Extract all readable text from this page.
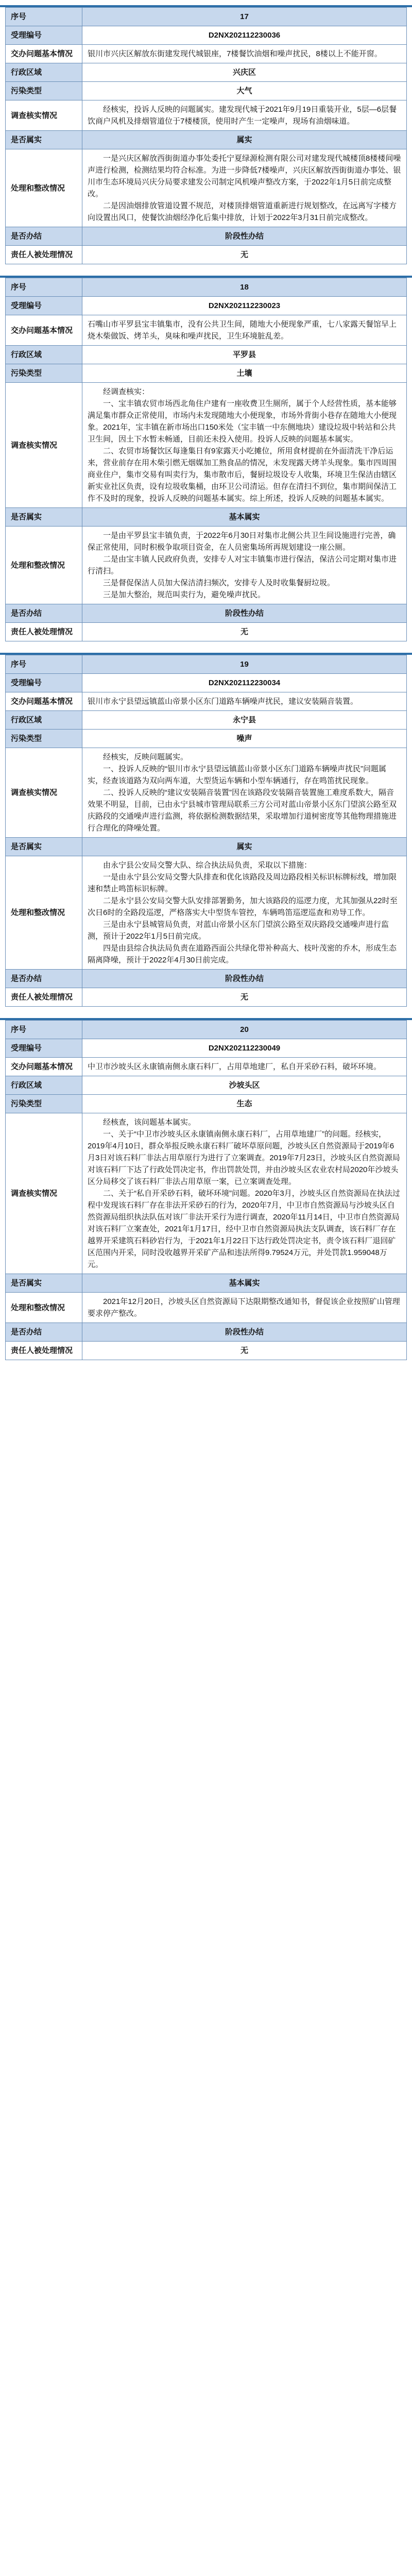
序号	17
受理编号	D2NX202112230036
交办问题基本情况	银川市兴庆区解放东街建发现代城银座，7楼餐饮油烟和噪声扰民，8楼以上不能开窗。

行政区域	兴庆区
污染类型	大气
调查核实情况	经核实，投诉人反映的问题属实。建发现代城于2021年9月19日重装开业，5层—6层餐饮商户风机及排烟管道位于7楼楼顶，使用时产生一定噪声，现场有油烟味道。

是否属实	属实
处理和整改情况	一是兴庆区解放西街街道办事处委托宁夏绿源检测有限公司对建发现代城楼顶8楼楼间噪声进行检测，检测结果均符合标准。为进一步降低7楼噪声，兴庆区解放西街街道办事处、银川市生态环境局兴庆分局要求建发公司制定风机噪声整改方案，于2022年1月5日前完成整改。

二是因油烟排放管道设置不规范，对楼顶排烟管道重新进行规划整改，在远离写字楼方向设置出风口，使餐饮油烟经净化后集中排放，计划于2022年3月31日前完成整改。

是否办结	阶段性办结
责任人被处理情况	无
序号	18
受理编号	D2NX202112230023
交办问题基本情况	石嘴山市平罗县宝丰镇集市，没有公共卫生间，随地大小便现象严重，七八家露天餐馆早上烧木柴做饭、烤羊头，臭味和噪声扰民，卫生环境脏乱差。

行政区域	平罗县
污染类型	土壤
调查核实情况	经调查核实：

一、宝丰镇农贸市场西北角住户建有一座收费卫生厕所，属于个人经营性质，基本能够满足集市群众正常使用，市场内未发现随地大小便现象，市场外背街小巷存在随地大小便现象。2021年，宝丰镇在新市场出口150米处（宝丰镇一中东侧地块）建设垃圾中转站和公共卫生间，因土下水暂未畅通，目前还未投入使用。投诉人反映的问题基本属实。

二、农贸市场餐饮区每逢集日有9家露天小吃摊位，所用食材提前在外面清洗干净后运来，营业前存在用木柴引燃无烟媒加工熟食品的情况，未发现露天烤羊头现象。集市四周围商业住户，集市交易有叫卖行为，集市散市后，餐厨垃圾设专人收集，环境卫生保洁由辖区新实业社区负责，设有垃圾收集桶，由环卫公司清运。但存在清扫不到位，集市期间保洁工作不及时的现象，投诉人反映的问题基本属实。综上所述，投诉人反映的问题基本属实。

是否属实	基本属实
处理和整改情况	一是由平罗县宝丰镇负责，于2022年6月30日对集市北侧公共卫生间设施进行完善，确保正常使用，同时积极争取项目资金，在人员密集场所再规划建设一座公厕。

二是由宝丰镇人民政府负责，安排专人对宝丰镇集市进行保洁，保洁公司定期对集市进行清扫。

三是督促保洁人员加大保洁清扫频次，安排专人及时收集餐厨垃圾。

三是加大整治，规范叫卖行为，避免噪声扰民。

是否办结	阶段性办结
责任人被处理情况	无
序号	19
受理编号	D2NX202112230034
交办问题基本情况	银川市永宁县望远镇蓝山帝景小区东门道路车辆噪声扰民，建议安装隔音装置。

行政区域	永宁县
污染类型	噪声
调查核实情况	经核实，反映问题属实。

一、投诉人反映的“银川市永宁县望远镇蓝山帝景小区东门道路车辆噪声扰民”问题属实，经查该道路为双向两车道，大型货运车辆和小型车辆通行，存在鸣笛扰民现象。

二、投诉人反映的“建议安装隔音装置”因在该路段安装隔音装置施工难度系数大，隔音效果不明显，目前，已由永宁县城市管理局联系三方公司对蓝山帝景小区东门望滨公路至双庆路段的交通噪声进行监测，将依据检测数据结果，采取增加行道树密度等其他物理措施进行合理化的降噪处置。

是否属实	属实
处理和整改情况	由永宁县公安局交警大队、综合执法局负责，采取以下措施：

一是由永宁县公安局交警大队排查和优化该路段及周边路段相关标识标牌标线，增加限速和禁止鸣笛标识标牌。

二是永宁县公安局交警大队安排部署勤务，加大该路段的巡逻力度，尤其加强从22时至次日6时的全路段巡逻，严格落实大中型货车管控，车辆鸣笛巡逻巡查和劝导工作。

三是由永宁县城管局负责，对蓝山帝景小区东门望滨公路至双庆路段交通噪声进行监测，预计于2022年1月5日前完成。

四是由县综合执法局负责在道路西面公共绿化带补种高大、枝叶茂密的乔木，形成生态隔离降噪，预计于2022年4月30日前完成。

是否办结	阶段性办结
责任人被处理情况	无
序号	20
受理编号	D2NX202112230049
交办问题基本情况	中卫市沙坡头区永康镇南侧永康石料厂，占用草地建厂，私自开采砂石料，破坏环境。

行政区域	沙坡头区
污染类型	生态
调查核实情况	经核查，该问题基本属实。

一、关于“中卫市沙坡头区永康镇南侧永康石料厂，占用草地建厂”的问题。经核实，2019年4月10日，群众举报反映永康石料厂破坏草原问题，沙坡头区自然资源局于2019年6月3日对该石料厂非法占用草原行为进行了立案调查。2019年7月23日，沙坡头区自然资源局对该石料厂下达了行政处罚决定书，作出罚款处罚，并由沙坡头区农业农村局2020年沙坡头区分局移交了该石料厂非法占用草原一案，已立案调查处理。

二、关于“私自开采砂石料，破坏环境”问题。2020年3月，沙坡头区自然资源局在执法过程中发现该石料厂存在非法开采砂石的行为，2020年7月，中卫市自然资源局与沙坡头区自然资源局组织执法队伍对该厂非法开采行为进行调查，2020年11月14日，中卫市自然资源局对该石料厂立案查处，2021年1月17日，经中卫市自然资源局执法支队调查，该石料厂存在越界开采建筑石料砂岩行为，于2021年1月22日下达行政处罚决定书，责令该石料厂退回矿区范围内开采，同时没收越界开采矿产品和违法所得9.79524万元，并处罚款1.959048万元。

是否属实	基本属实
处理和整改情况	2021年12月20日，沙坡头区自然资源局下达限期整改通知书，督促该企业按照矿山管理要求停产整改。

是否办结	阶段性办结
责任人被处理情况	无
